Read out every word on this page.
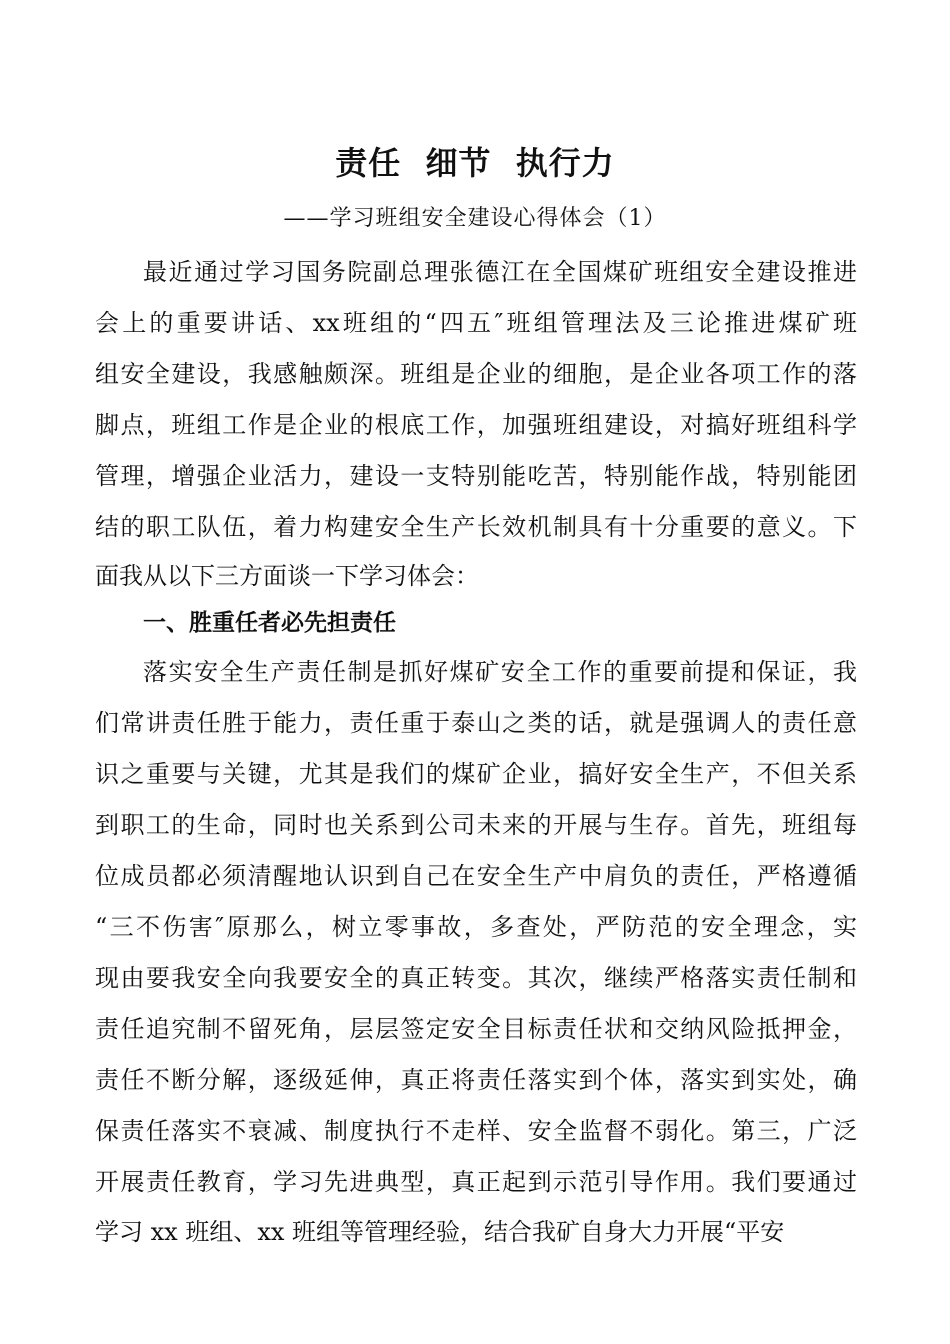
责任  细节  执行力
——学习班组安全建设心得体会（1）
最近通过学习国务院副总理张德江在全国煤矿班组安全建设推进
会上的重要讲话、xx班组的“四五″班组管理法及三论推进煤矿班
组安全建设，我感触颇深。班组是企业的细胞，是企业各项工作的落
脚点，班组工作是企业的根底工作，加强班组建设，对搞好班组科学
管理，增强企业活力，建设一支特别能吃苦，特别能作战，特别能团
结的职工队伍，着力构建安全生产长效机制具有十分重要的意义。下
面我从以下三方面谈一下学习体会：
一、胜重任者必先担责任
落实安全生产责任制是抓好煤矿安全工作的重要前提和保证，我
们常讲责任胜于能力，责任重于泰山之类的话，就是强调人的责任意
识之重要与关键，尤其是我们的煤矿企业，搞好安全生产，不但关系
到职工的生命，同时也关系到公司未来的开展与生存。首先，班组每
位成员都必须清醒地认识到自己在安全生产中肩负的责任，严格遵循
“三不伤害″原那么，树立零事故，多查处，严防范的安全理念，实
现由要我安全向我要安全的真正转变。其次，继续严格落实责任制和
责任追究制不留死角，层层签定安全目标责任状和交纳风险抵押金，
责任不断分解，逐级延伸，真正将责任落实到个体，落实到实处，确
保责任落实不衰减、制度执行不走样、安全监督不弱化。第三，广泛
开展责任教育，学习先进典型，真正起到示范引导作用。我们要通过
学习 xx 班组、xx 班组等管理经验，结合我矿自身大力开展“平安
